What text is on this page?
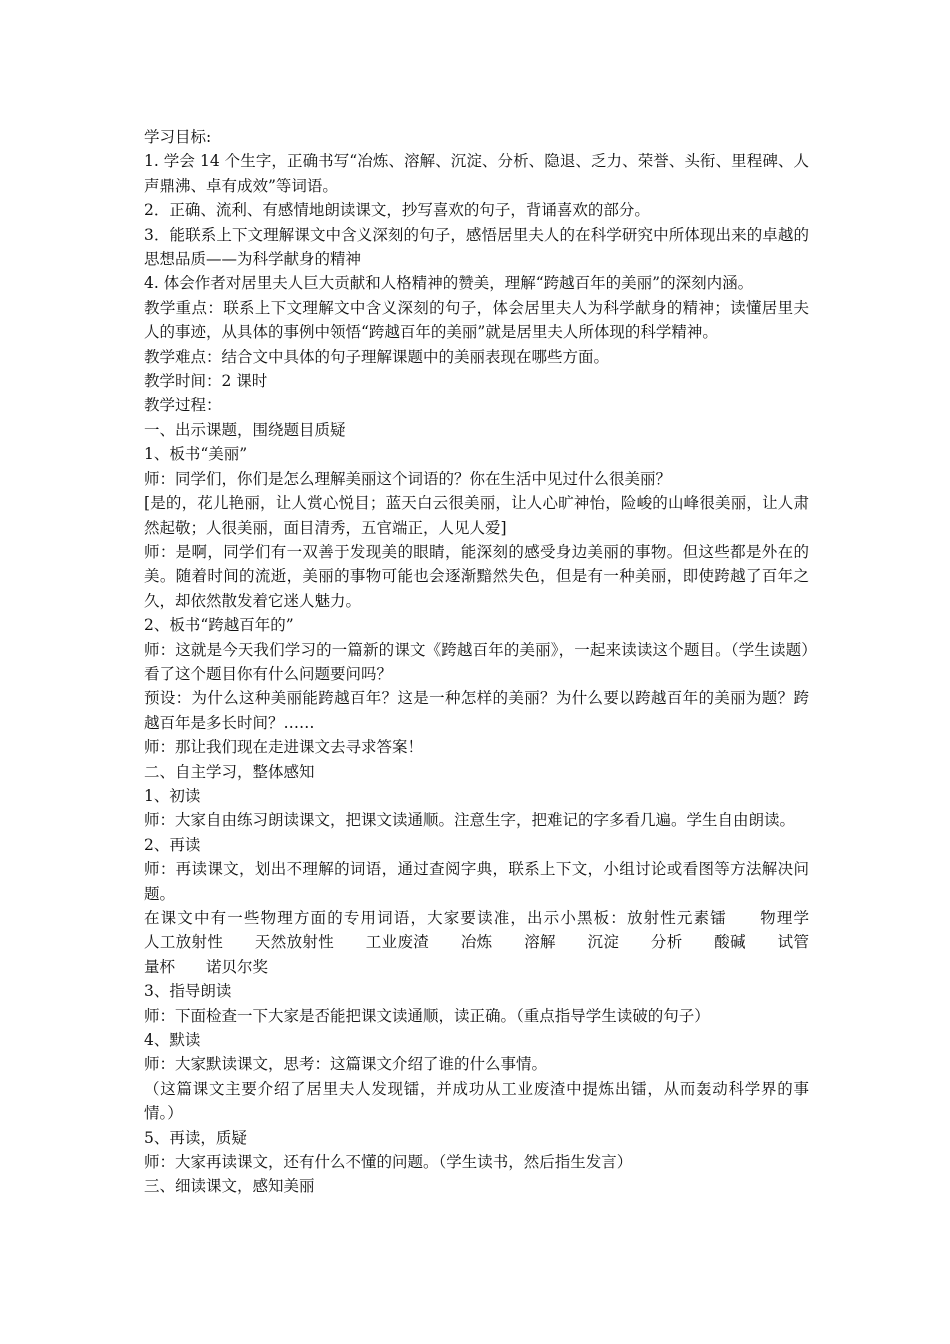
学习目标:

1. 学会 14 个生字，正确书写“冶炼、溶解、沉淀、分析、隐退、乏力、荣誉、头衔、里程碑、人声鼎沸、卓有成效”等词语。

2．正确、流利、有感情地朗读课文，抄写喜欢的句子，背诵喜欢的部分。

3．能联系上下文理解课文中含义深刻的句子，感悟居里夫人的在科学研究中所体现出来的卓越的思想品质——为科学献身的精神

4. 体会作者对居里夫人巨大贡献和人格精神的赞美，理解“跨越百年的美丽”的深刻内涵。

教学重点：联系上下文理解文中含义深刻的句子，体会居里夫人为科学献身的精神；读懂居里夫人的事迹，从具体的事例中领悟“跨越百年的美丽”就是居里夫人所体现的科学精神。

教学难点：结合文中具体的句子理解课题中的美丽表现在哪些方面。

教学时间：2 课时

教学过程：

一、出示课题，围绕题目质疑

1、板书“美丽”

师：同学们，你们是怎么理解美丽这个词语的？你在生活中见过什么很美丽？

[是的，花儿艳丽，让人赏心悦目；蓝天白云很美丽，让人心旷神怡，险峻的山峰很美丽，让人肃然起敬；人很美丽，面目清秀，五官端正，人见人爱]

师：是啊，同学们有一双善于发现美的眼睛，能深刻的感受身边美丽的事物。但这些都是外在的美。随着时间的流逝，美丽的事物可能也会逐渐黯然失色，但是有一种美丽，即使跨越了百年之久，却依然散发着它迷人魅力。

2、板书“跨越百年的”

师：这就是今天我们学习的一篇新的课文《跨越百年的美丽》，一起来读读这个题目。（学生读题）看了这个题目你有什么问题要问吗？

预设：为什么这种美丽能跨越百年？这是一种怎样的美丽？为什么要以跨越百年的美丽为题？跨越百年是多长时间？……

师：那让我们现在走进课文去寻求答案！

二、自主学习，整体感知

1、初读

师：大家自由练习朗读课文，把课文读通顺。注意生字，把难记的字多看几遍。学生自由朗读。

2、再读

师：再读课文，划出不理解的词语，通过查阅字典，联系上下文，小组讨论或看图等方法解决问题。

在课文中有一些物理方面的专用词语，大家要读准，出示小黑板：放射性元素镭　　物理学　　人工放射性　　天然放射性　　工业废渣　　冶炼　　溶解　　沉淀　　分析　　酸碱　　试管　　量杯　　诺贝尔奖

3、指导朗读

师：下面检查一下大家是否能把课文读通顺，读正确。（重点指导学生读破的句子）

4、默读

师：大家默读课文，思考：这篇课文介绍了谁的什么事情。

（这篇课文主要介绍了居里夫人发现镭，并成功从工业废渣中提炼出镭，从而轰动科学界的事情。）

5、再读，质疑

师：大家再读课文，还有什么不懂的问题。（学生读书，然后指生发言）

三、细读课文，感知美丽
